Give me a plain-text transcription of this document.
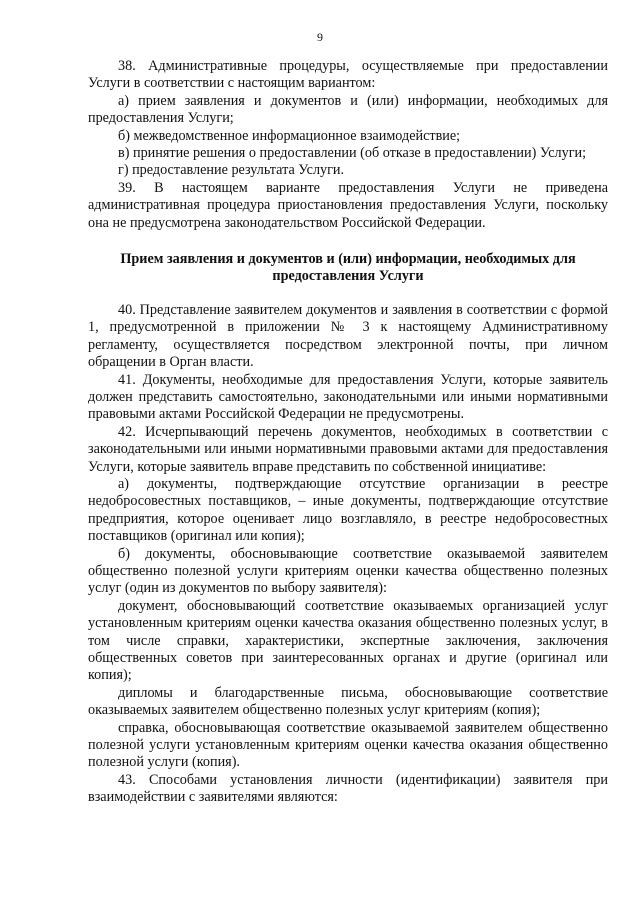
9

38. Административные процедуры, осуществляемые при предоставлении Услуги в соответствии с настоящим вариантом:

а) прием заявления и документов и (или) информации, необходимых для предоставления Услуги;

б) межведомственное информационное взаимодействие;

в) принятие решения о предоставлении (об отказе в предоставлении) Услуги;

г) предоставление результата Услуги.

39. В настоящем варианте предоставления Услуги не приведена административная процедура приостановления предоставления Услуги, поскольку она не предусмотрена законодательством Российской Федерации.

Прием заявления и документов и (или) информации, необходимых для предоставления Услуги

40. Представление заявителем документов и заявления в соответствии с формой 1, предусмотренной в приложении № 3 к настоящему Административному регламенту, осуществляется посредством электронной почты, при личном обращении в Орган власти.

41. Документы, необходимые для предоставления Услуги, которые заявитель должен представить самостоятельно, законодательными или иными нормативными правовыми актами Российской Федерации не предусмотрены.

42. Исчерпывающий перечень документов, необходимых в соответствии с законодательными или иными нормативными правовыми актами для предоставления Услуги, которые заявитель вправе представить по собственной инициативе:

а) документы, подтверждающие отсутствие организации в реестре недобросовестных поставщиков, – иные документы, подтверждающие отсутствие предприятия, которое оценивает лицо возглавляло, в реестре недобросовестных поставщиков (оригинал или копия);

б) документы, обосновывающие соответствие оказываемой заявителем общественно полезной услуги критериям оценки качества общественно полезных услуг (один из документов по выбору заявителя):

документ, обосновывающий соответствие оказываемых организацией услуг установленным критериям оценки качества оказания общественно полезных услуг, в том числе справки, характеристики, экспертные заключения, заключения общественных советов при заинтересованных органах и другие (оригинал или копия);

дипломы и благодарственные письма, обосновывающие соответствие оказываемых заявителем общественно полезных услуг критериям (копия);

справка, обосновывающая соответствие оказываемой заявителем общественно полезной услуги установленным критериям оценки качества оказания общественно полезной услуги (копия).

43. Способами установления личности (идентификации) заявителя при взаимодействии с заявителями являются:
